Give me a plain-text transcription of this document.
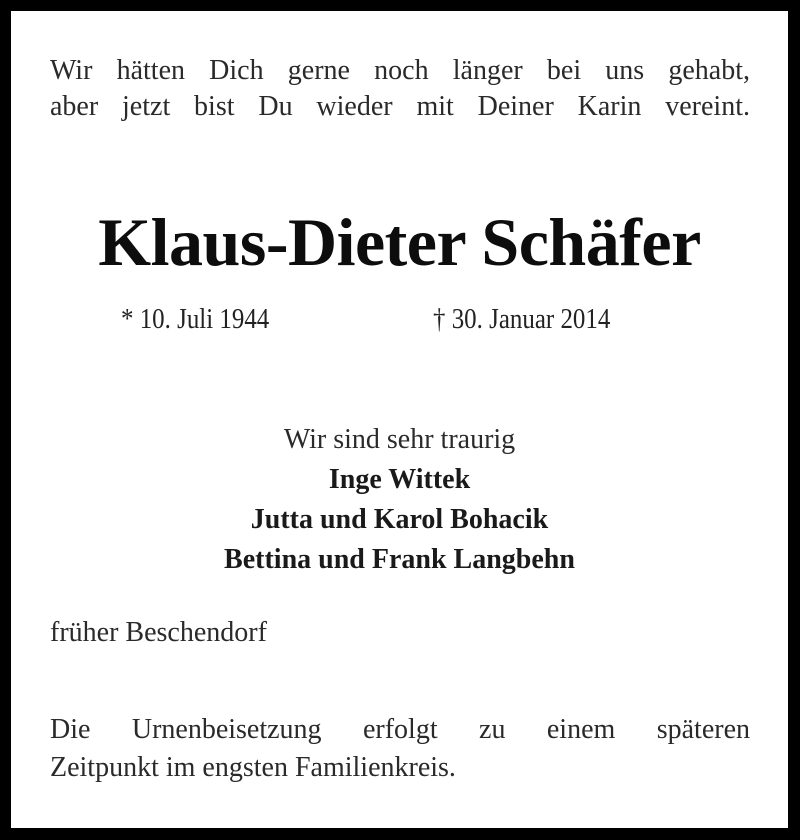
Wir hätten Dich gerne noch länger bei uns gehabt,
aber jetzt bist Du wieder mit Deiner Karin vereint.
Klaus-Dieter Schäfer
* 10. Juli 1944	† 30. Januar 2014
Wir sind sehr traurig
Inge Wittek
Jutta und Karol Bohacik
Bettina und Frank Langbehn
früher Beschendorf
Die Urnenbeisetzung erfolgt zu einem späteren
Zeitpunkt im engsten Familienkreis.
